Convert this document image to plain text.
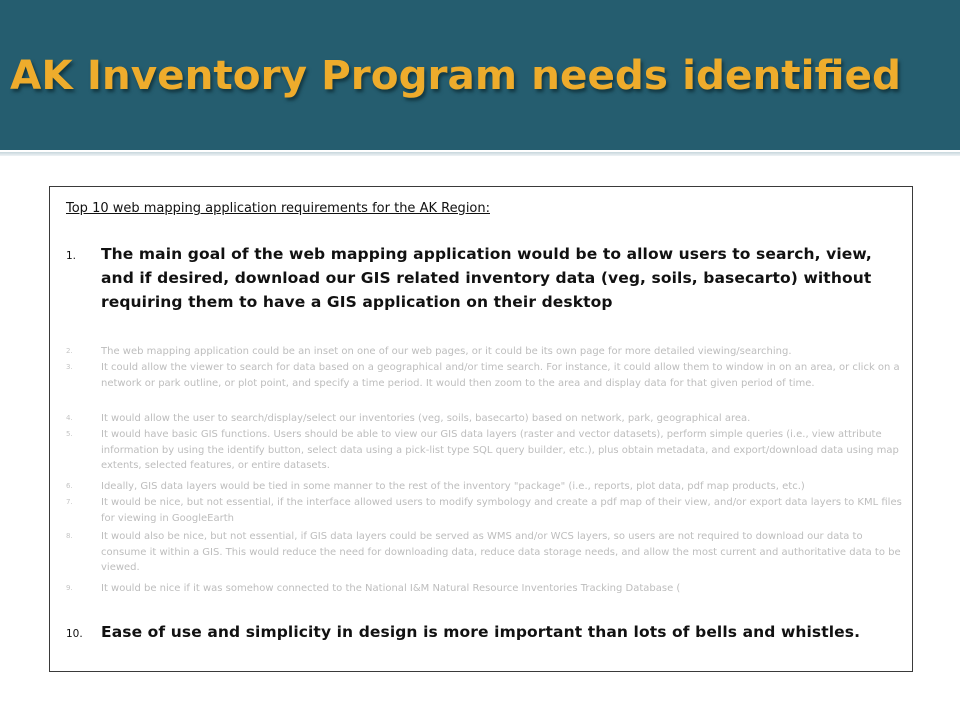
AK Inventory Program needs identified
Top 10 web mapping application requirements for the AK Region:
1. The main goal of the web mapping application would be to allow users to search, view, and if desired, download our GIS related inventory data (veg, soils, basecarto) without requiring them to have a GIS application on their desktop
2.	The web mapping application could be an inset on one of our web pages, or it could be its own page for more detailed viewing/searching.
3.	It could allow the viewer to search for data based on a geographical and/or time search. For instance, it could allow them to window in on an area, or click on a network or park outline, or plot point, and specify a time period. It would then zoom to the area and display data for that given period of time.
4.	It would allow the user to search/display/select our inventories (veg, soils, basecarto) based on network, park, geographical area.
5.	It would have basic GIS functions. Users should be able to view our GIS data layers (raster and vector datasets), perform simple queries (i.e., view attribute information by using the identify button, select data using a pick-list type SQL query builder, etc.), plus obtain metadata, and export/download data using map extents, selected features, or entire datasets.
6.	Ideally, GIS data layers would be tied in some manner to the rest of the inventory "package" (i.e., reports, plot data, pdf map products, etc.)
7.	It would be nice, but not essential, if the interface allowed users to modify symbology and create a pdf map of their view, and/or export data layers to KML files for viewing in GoogleEarth
8.	It would also be nice, but not essential, if GIS data layers could be served as WMS and/or WCS layers, so users are not required to download our data to consume it within a GIS. This would reduce the need for downloading data, reduce data storage needs, and allow the most current and authoritative data to be viewed.
9.	It would be nice if it was somehow connected to the National I&M Natural Resource Inventories Tracking Database (
10. Ease of use and simplicity in design is more important than lots of bells and whistles.
